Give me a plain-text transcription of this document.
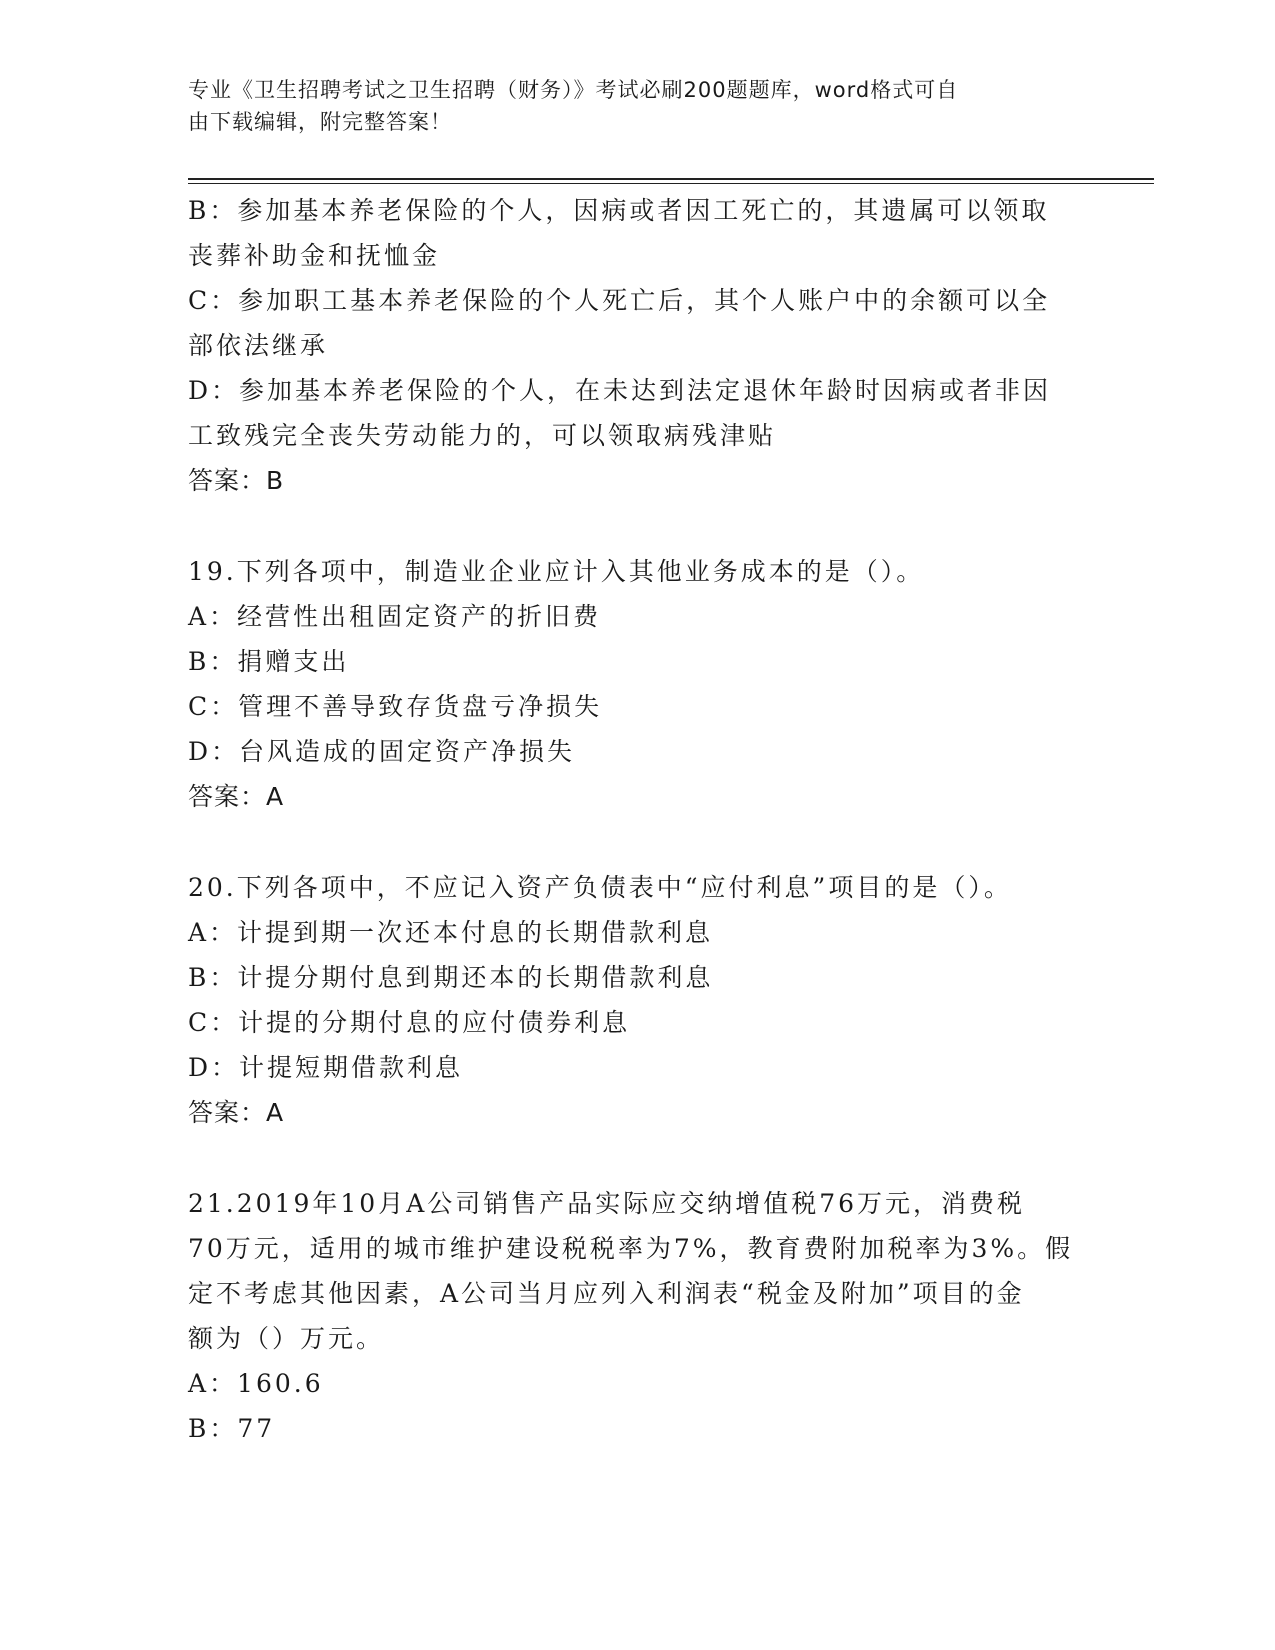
专业《卫生招聘考试之卫生招聘（财务）》考试必刷200题题库，word格式可自
由下载编辑，附完整答案！
B：参加基本养老保险的个人，因病或者因工死亡的，其遗属可以领取
丧葬补助金和抚恤金
C：参加职工基本养老保险的个人死亡后，其个人账户中的余额可以全
部依法继承
D：参加基本养老保险的个人，在未达到法定退休年龄时因病或者非因
工致残完全丧失劳动能力的，可以领取病残津贴
答案：B
19.下列各项中，制造业企业应计入其他业务成本的是（）。
A：经营性出租固定资产的折旧费
B：捐赠支出
C：管理不善导致存货盘亏净损失
D：台风造成的固定资产净损失
答案：A
20.下列各项中，不应记入资产负债表中“应付利息”项目的是（）。
A：计提到期一次还本付息的长期借款利息
B：计提分期付息到期还本的长期借款利息
C：计提的分期付息的应付债券利息
D：计提短期借款利息
答案：A
21.2019年10月A公司销售产品实际应交纳增值税76万元，消费税
70万元，适用的城市维护建设税税率为7%，教育费附加税率为3%。假
定不考虑其他因素，A公司当月应列入利润表“税金及附加”项目的金
额为（）万元。
A：160.6
B：77
